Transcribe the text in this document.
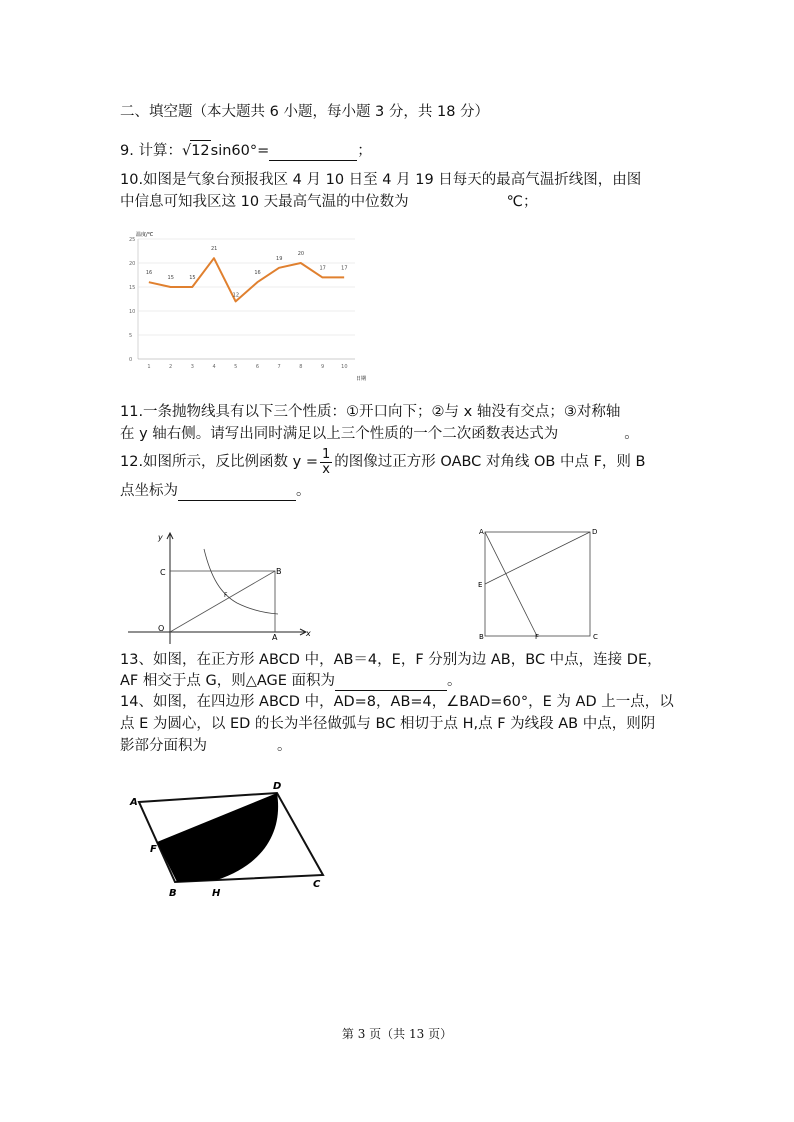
二、填空题（本大题共 6 小题，每小题 3 分，共 18 分）
9. 计算：√12sin60°=	；
10.如图是气象台预报我区 4 月 10 日至 4 月 19 日每天的最高气温折线图，由图
中信息可知我区这 10 天最高气温的中位数为	℃；
温度/℃
日期
0
5
10
15
20
25
1	2	3	4	5	6	7	8	9	10
16
15	15
21
12
16
19
20
17	17
11.一条抛物线具有以下三个性质：①开口向下；②与 x 轴没有交点；③对称轴
在 y 轴右侧。请写出同时满足以上三个性质的一个二次函数表达式为	。
12.如图所示，反比例函数 $y = \frac{1}{x}$ 的图像过正方形 OABC 对角线 OB 中点 F，则 B
点坐标为	。
y
x
C	B
O
A
F
A	D
E
B	F	C
13、如图，在正方形 ABCD 中，AB＝4，E，F 分别为边 AB，BC 中点，连接 DE，
AF 相交于点 G，则△AGE 面积为	。
14、如图，在四边形 ABCD 中，AD=8，AB=4，∠BAD=60°，E 为 AD 上一点，以
点 E 为圆心，以 ED 的长为半径做弧与 BC 相切于点 H,点 F 为线段 AB 中点，则阴
影部分面积为	。
A
D
F
B	H
C
第 3 页（共 13 页）
